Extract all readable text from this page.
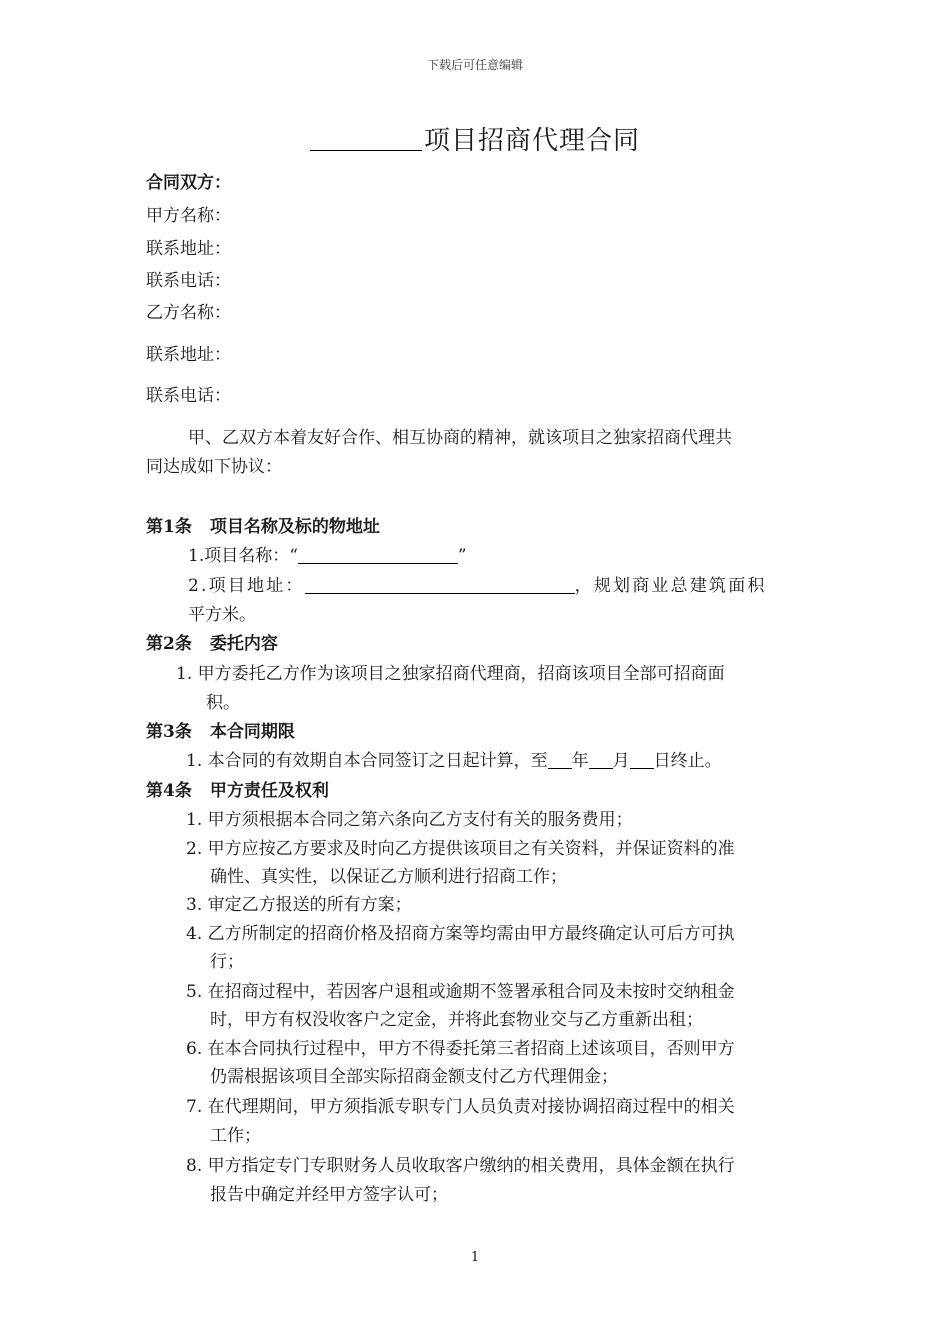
下载后可任意编辑
项目招商代理合同
合同双方：
甲方名称：
联系地址：
联系电话：
乙方名称：
联系地址：
联系电话：
甲、乙双方本着友好合作、相互协商的精神，就该项目之独家招商代理共
同达成如下协议：
第1条 项目名称及标的物地址
1.项目名称：“	”
2.项目地址：	，规划商业总建筑面积
平方米。
第2条 委托内容
1. 甲方委托乙方作为该项目之独家招商代理商，招商该项目全部可招商面
积。
第3条 本合同期限
1. 本合同的有效期自本合同签订之日起计算，至 年 月 日终止。
第4条 甲方责任及权利
1. 甲方须根据本合同之第六条向乙方支付有关的服务费用；
2. 甲方应按乙方要求及时向乙方提供该项目之有关资料，并保证资料的准
确性、真实性，以保证乙方顺利进行招商工作；
3. 审定乙方报送的所有方案；
4. 乙方所制定的招商价格及招商方案等均需由甲方最终确定认可后方可执
行；
5. 在招商过程中，若因客户退租或逾期不签署承租合同及未按时交纳租金
时，甲方有权没收客户之定金，并将此套物业交与乙方重新出租；
6. 在本合同执行过程中，甲方不得委托第三者招商上述该项目，否则甲方
仍需根据该项目全部实际招商金额支付乙方代理佣金；
7. 在代理期间，甲方须指派专职专门人员负责对接协调招商过程中的相关
工作；
8. 甲方指定专门专职财务人员收取客户缴纳的相关费用，具体金额在执行
报告中确定并经甲方签字认可；
1
